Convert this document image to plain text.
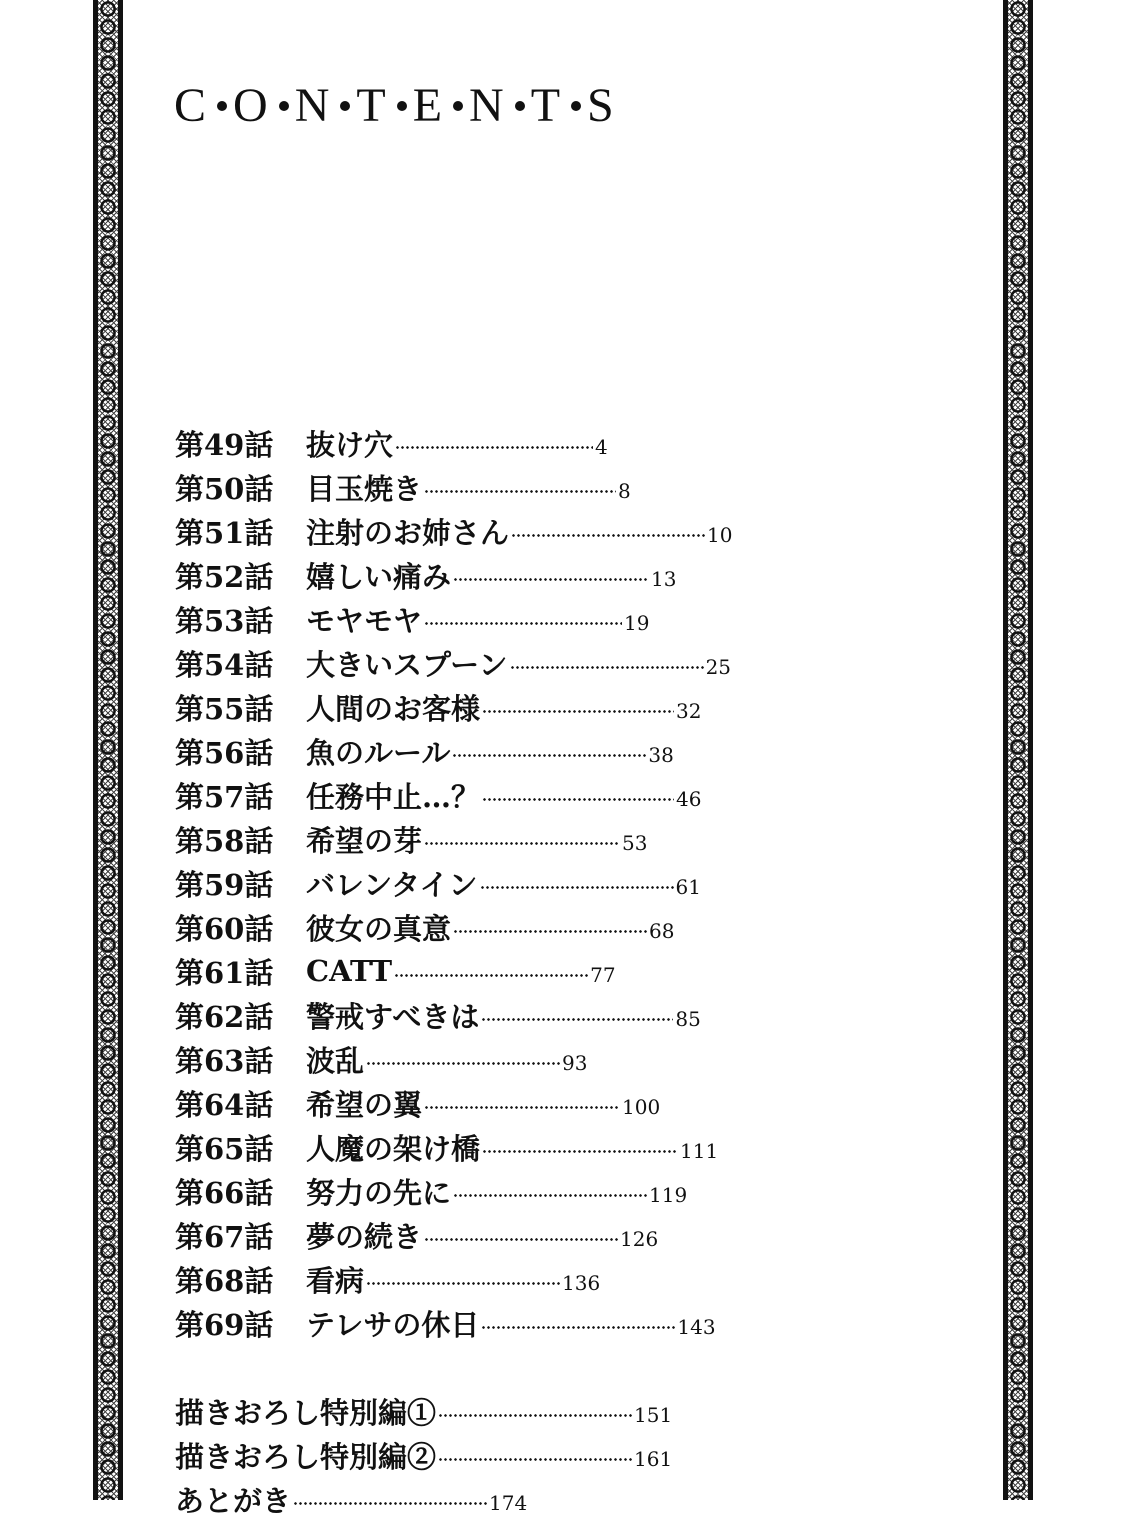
C O N T E N T S
第49話	抜け穴	4
第50話	目玉焼き	8
第51話	注射のお姉さん	10
第52話	嬉しい痛み	13
第53話	モヤモヤ	19
第54話	大きいスプーン	25
第55話	人間のお客様	32
第56話	魚のルール	38
第57話	任務中止…？	46
第58話	希望の芽	53
第59話	バレンタイン	61
第60話	彼女の真意	68
第61話	CATT	77
第62話	警戒すべきは	85
第63話	波乱	93
第64話	希望の翼	100
第65話	人魔の架け橋	111
第66話	努力の先に	119
第67話	夢の続き	126
第68話	看病	136
第69話	テレサの休日	143
描きおろし特別編①	151
描きおろし特別編②	161
あとがき	174
